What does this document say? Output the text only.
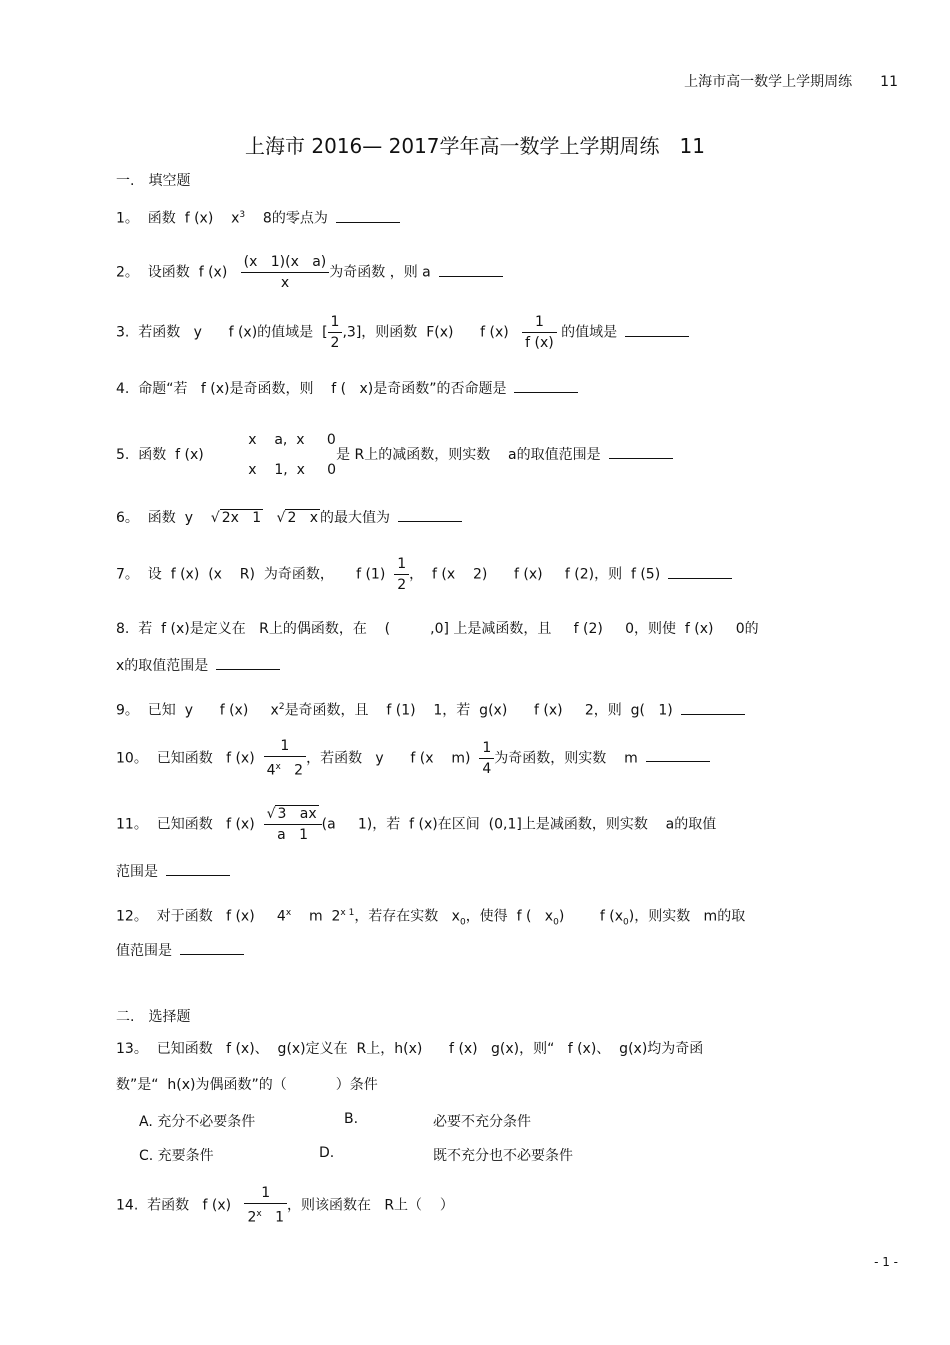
上海市高一数学上学期周练　　11
上海市 2016— 2017学年高一数学上学期周练　11
一.　填空题
1。  函数  f (x)    $x^3$    8的零点为
2。  设函数  f $(x) \frac{\text{(x   1)(x   a)}}{x}$ 为奇函数 ，则 a
3.  若函数   y      f (x)的值域是  [ $\frac{1}{2} ,3$]，则函数  F(x)      f $(x) \frac{1}{f (x)}$ 的值域是
4.  命题“若   f (x)是奇函数，则    f (   x)是奇函数”的否命题是
5.  函数  f (x)          x    a,  x     0
x    1,  x     0是 R上的减函数，则实数    a的取值范围是
6。  函数  y    √ 2x   1 √ 2   x 的最大值为
7。  设  f (x)  (x    R)  为奇函数，     f $(1) \frac{1}{2}$ ，  f (x    2)      f (x)     f (2)，则  f (5)
8.  若  f (x)是定义在   R上的偶函数，在    (         ,0] 上是减函数，且     f (2)     0，则使  f (x)     0的
x的取值范围是
9。  已知  y      f (x)     $x^2$是奇函数，且    f (1)    1，若  g(x)      f (x)     2，则  g(   1)
10。  已知函数   f $(x) \frac{1}{4^x 2}$ ，若函数   y      f (x    $m) \frac{1}{4}$ 为奇函数，则实数    m
11。  已知函数   f $(x) \frac{√ 3 ax}{a 1} (a$     1)，若  f (x)在区间  (0,1]上是减函数，则实数    a的取值
范围是
12。  对于函数   f (x)     4$^x$    m  $2^{x 1}$，若存在实数   $x_0$，使得  f (   $x_0$)        f $(x_0)$，则实数   m的取
值范围是
二.　选择题
13。  已知函数   f (x)、  g(x)定义在  R上，h(x)      f (x)   g(x)，则“   f (x)、  g(x)均为奇函
数”是“  h(x)为偶函数”的（           ）条件
A. 充分不必要条件	B.	必要不充分条件
C. 充要条件	D.	既不充分也不必要条件
14.  若函数   f $(x) \frac{1}{2^x 1}$ ，则该函数在   R上（    ）
- 1 -
